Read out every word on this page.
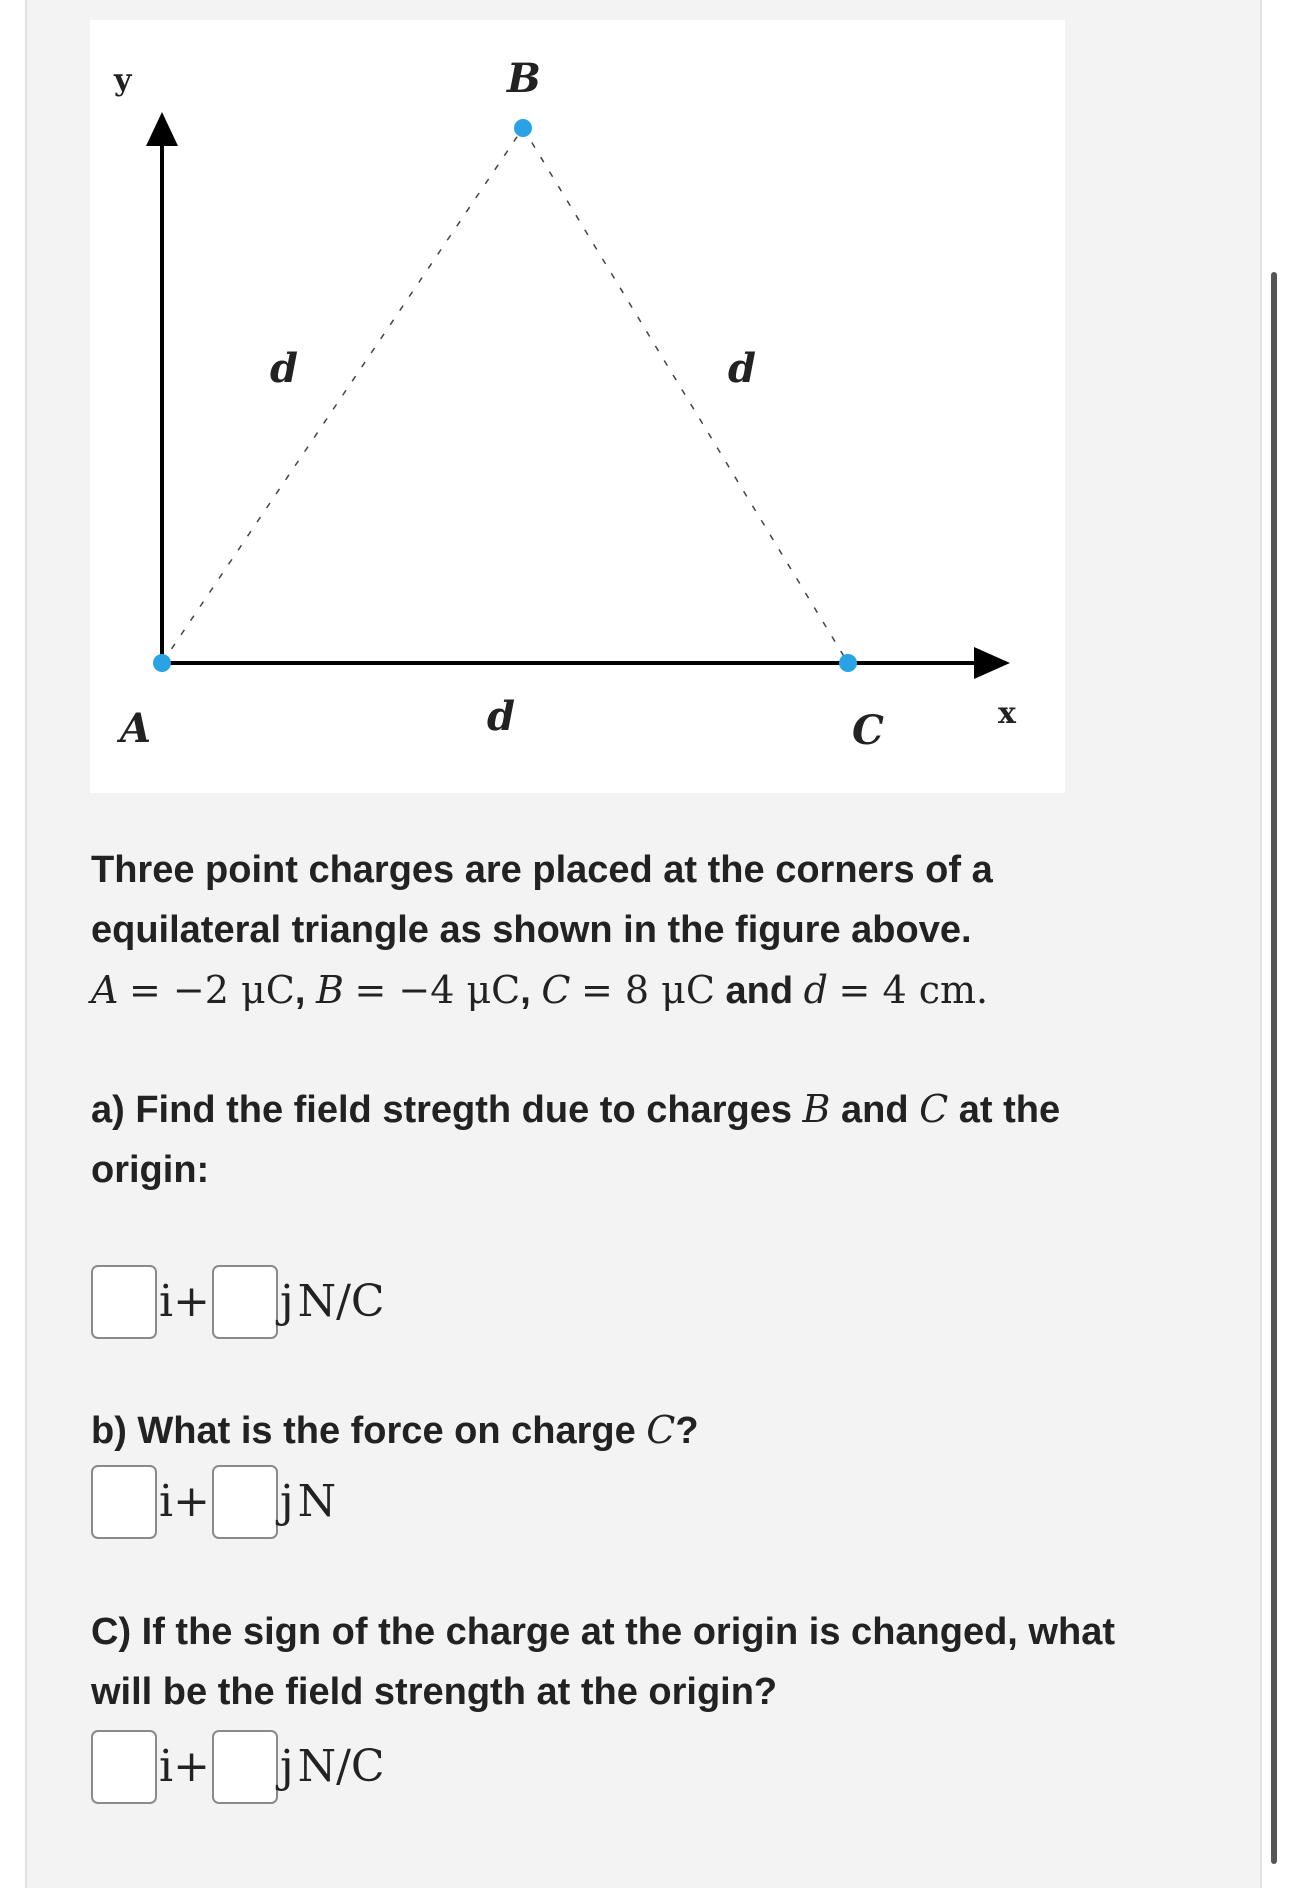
y
x
B
A	C
d	d
d
Three point charges are placed at the corners of a
equilateral triangle as shown in the figure above.
A = −2 μC, B = −4 μC, C = 8 μC and d = 4 cm.
a) Find the field stregth due to charges B and C at the
origin:
i+ j N/C
b) What is the force on charge C?
i+ j N
C) If the sign of the charge at the origin is changed, what
will be the field strength at the origin?
i+ j N/C
